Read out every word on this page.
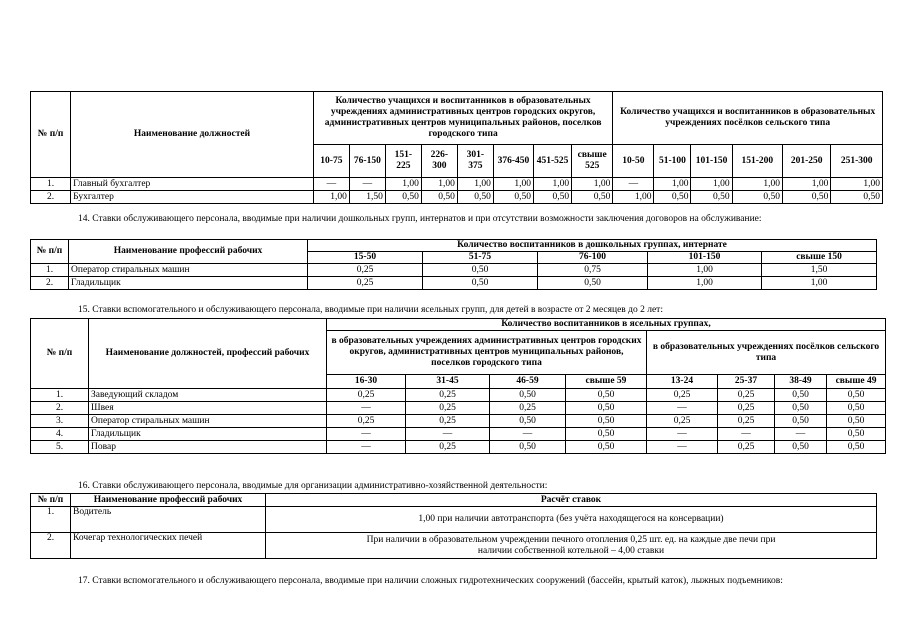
№ п/п	Наименование должностей	Количество учащихся и воспитанников в образовательных учреждениях административных центров городских округов, административных центров муниципальных районов, поселков городского типа								Количество учащихся и воспитанников в образовательных учреждениях посёлков сельского типа					
		10-75	76-150	151-225	226-300	301-375	376-450	451-525	свыше 525	10-50	51-100	101-150	151-200	201-250	251-300
1.	Главный бухгалтер	—	—	1,00	1,00	1,00	1,00	1,00	1,00	—	1,00	1,00	1,00	1,00	1,00
2.	Бухгалтер	1,00	1,50	0,50	0,50	0,50	0,50	0,50	0,50	1,00	0,50	0,50	0,50	0,50	0,50
14. Ставки обслуживающего персонала, вводимые при наличии дошкольных групп, интернатов и при отсутствии возможности заключения договоров на обслуживание:
№ п/п	Наименование профессий рабочих	Количество воспитанников в дошкольных группах, интернате				
		15-50	51-75	76-100	101-150	свыше 150
1.	Оператор стиральных машин	0,25	0,50	0,75	1,00	1,50
2.	Гладильщик	0,25	0,50	0,50	1,00	1,00
15. Ставки вспомогательного и обслуживающего персонала, вводимые при наличии ясельных групп, для детей в возрасте от 2 месяцев до 2 лет:
№ п/п	Наименование должностей, профессий рабочих	Количество воспитанников в ясельных группах,							
		в образовательных учреждениях административных центров городских округов, административных центров муниципальных районов, поселков городского типа				в образовательных учреждениях посёлков сельского типа			
		16-30	31-45	46-59	свыше 59	13-24	25-37	38-49	свыше 49
1.	Заведующий складом	0,25	0,25	0,50	0,50	0,25	0,25	0,50	0,50
2.	Швея	—	0,25	0,25	0,50	—	0,25	0,50	0,50
3.	Оператор стиральных машин	0,25	0,25	0,50	0,50	0,25	0,25	0,50	0,50
4.	Гладильщик	—	—	—	0,50	—	—	—	0,50
5.	Повар	—	0,25	0,50	0,50	—	0,25	0,50	0,50
16. Ставки обслуживающего персонала, вводимые для организации административно-хозяйственной деятельности:
№ п/п	Наименование профессий рабочих	Расчёт ставок
1.	Водитель	1,00 при наличии автотранспорта (без учёта находящегося на консервации)
2.	Кочегар технологических печей	При наличии в образовательном учреждении печного отопления 0,25 шт. ед. на каждые две печи при наличии собственной котельной – 4,00 ставки
17. Ставки вспомогательного и обслуживающего персонала, вводимые при наличии сложных гидротехнических сооружений (бассейн, крытый каток), лыжных подъемников:
